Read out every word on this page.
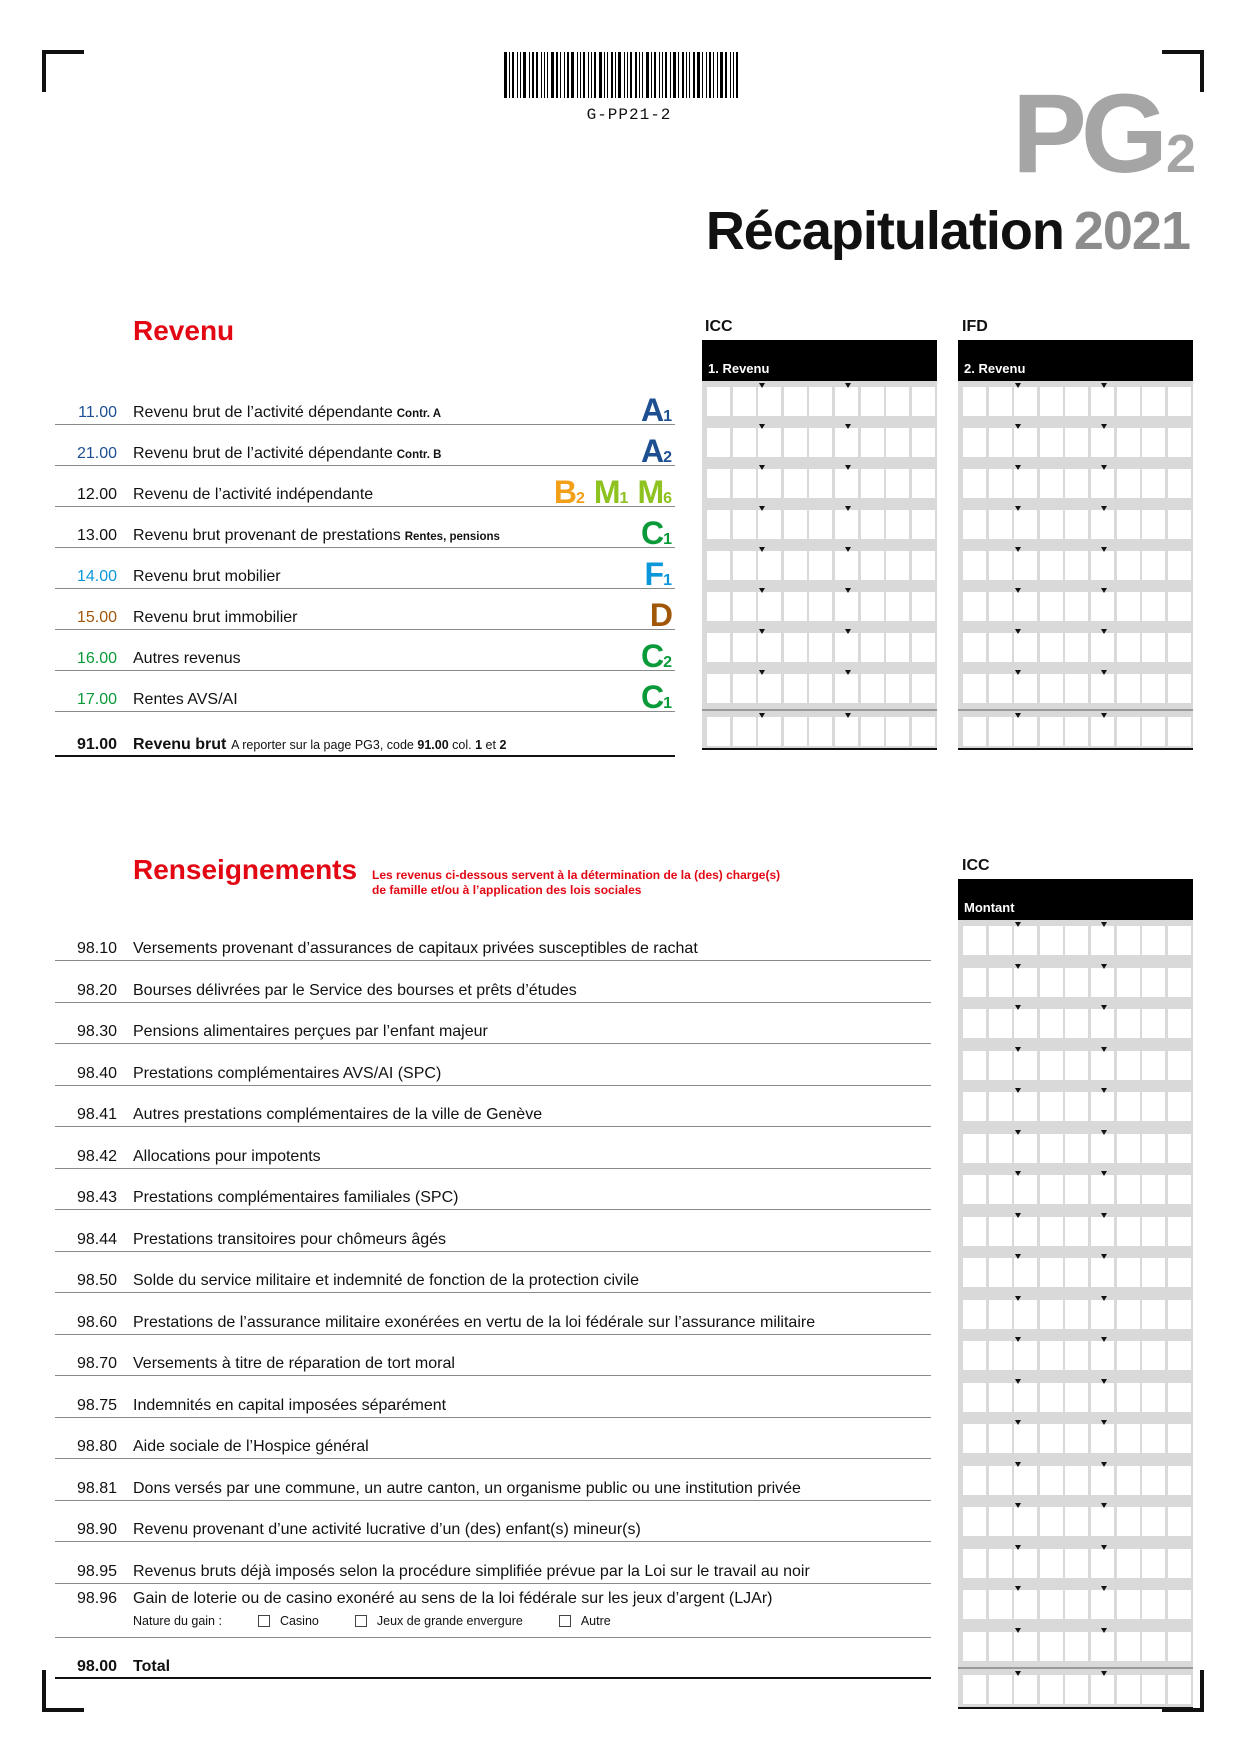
G-PP21-2	PG2
Récapitulation 2021
Revenu	ICC	IFD
1. Revenu	2. Revenu
11.00 Revenu brut de l’activité dépendante Contr. A	A1
21.00 Revenu brut de l’activité dépendante Contr. B	A2
12.00 Revenu de l’activité indépendante	B2 M1 M6
13.00 Revenu brut provenant de prestations Rentes, pensions	C1
14.00 Revenu brut mobilier	F1
15.00 Revenu brut immobilier	D
16.00 Autres revenus	C2
17.00 Rentes AVS/AI	C1
91.00 Revenu brut A reporter sur la page PG3, code 91.00 col. 1 et 2
Renseignements Les revenus ci-dessous servent à la détermination de la (des) charge(s)
de famille et/ou à l’application des lois sociales
ICC
Montant
98.10 Versements provenant d’assurances de capitaux privées susceptibles de rachat
98.20 Bourses délivrées par le Service des bourses et prêts d’études
98.30 Pensions alimentaires perçues par l’enfant majeur
98.40 Prestations complémentaires AVS/AI (SPC)
98.41 Autres prestations complémentaires de la ville de Genève
98.42 Allocations pour impotents
98.43 Prestations complémentaires familiales (SPC)
98.44 Prestations transitoires pour chômeurs âgés
98.50 Solde du service militaire et indemnité de fonction de la protection civile
98.60 Prestations de l’assurance militaire exonérées en vertu de la loi fédérale sur l’assurance militaire
98.70 Versements à titre de réparation de tort moral
98.75 Indemnités en capital imposées séparément
98.80 Aide sociale de l’Hospice général
98.81 Dons versés par une commune, un autre canton, un organisme public ou une institution privée
98.90 Revenu provenant d’une activité lucrative d’un (des) enfant(s) mineur(s)
98.95 Revenus bruts déjà imposés selon la procédure simplifiée prévue par la Loi sur le travail au noir
98.96 Gain de loterie ou de casino exonéré au sens de la loi fédérale sur les jeux d’argent (LJAr)
Nature du gain :	Casino	Jeux de grande envergure	Autre
98.00 Total
